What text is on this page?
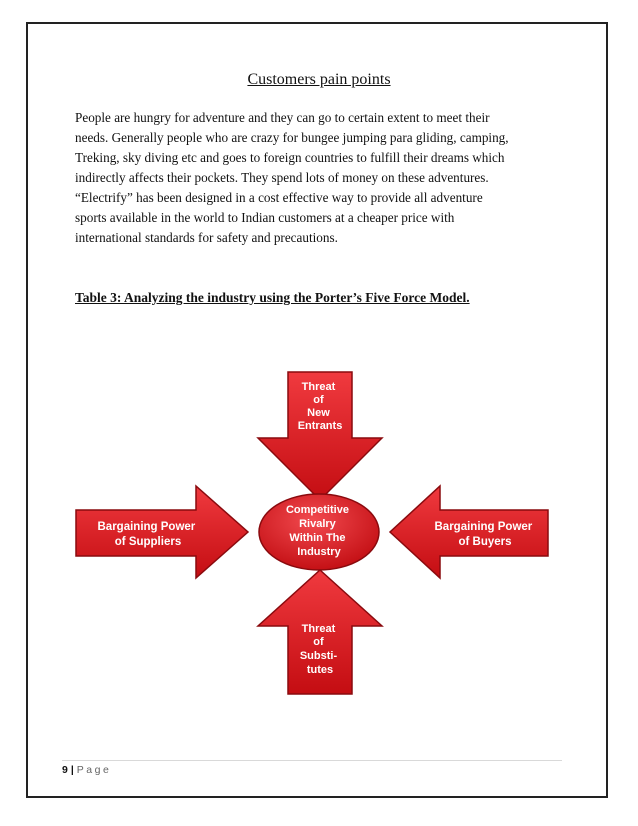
Customers pain points
People are hungry for adventure and they can go to certain extent to meet their
needs. Generally people who are crazy for bungee jumping para gliding, camping,
Treking, sky diving etc and goes to foreign countries to fulfill their dreams which
indirectly affects their pockets. They spend lots of money on these adventures.
“Electrify” has been designed in a cost effective way to provide all adventure
sports available in the world to Indian customers at a cheaper price with
international standards for safety and precautions.
Table 3: Analyzing the industry using the Porter’s Five Force Model.
Threat of New Entrants
Bargaining Power of Suppliers
Competitive Rivalry Within The Industry
Bargaining Power of Buyers
Threat of Substi- tutes
9 | Page
